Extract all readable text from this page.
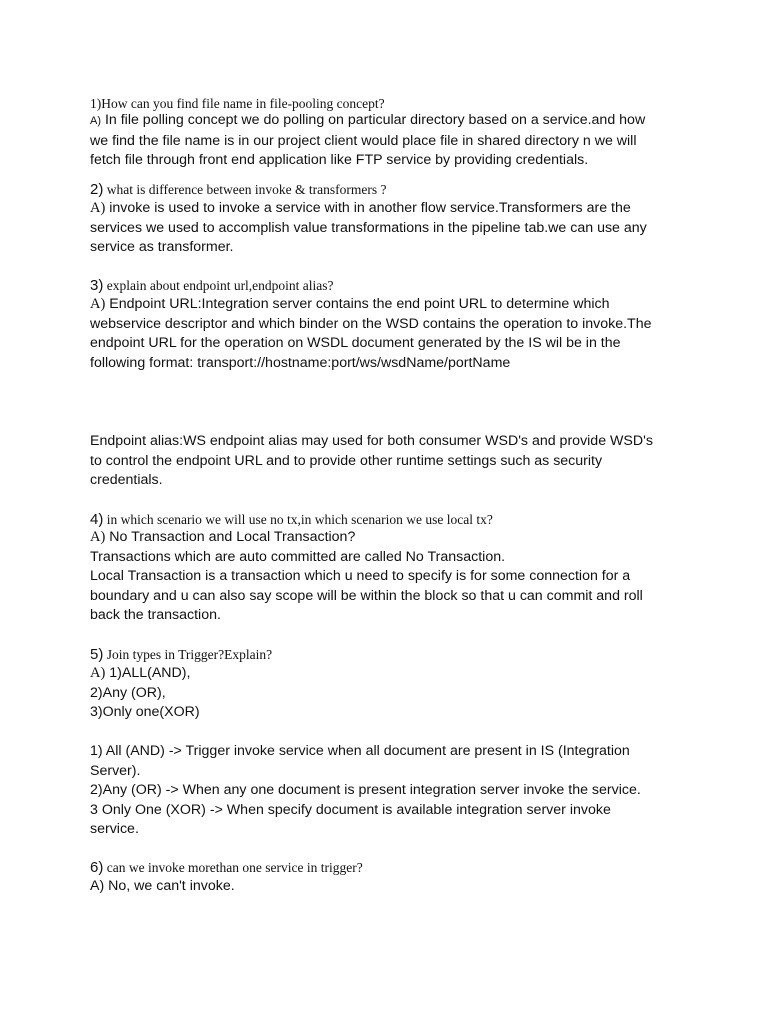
1)How can you find file name in file-pooling concept?
A) In file polling concept we do polling on particular directory based on a service.and how
we find the file name is in our project client would place file in shared directory n we will
fetch file through front end application like FTP service by providing credentials.
2) what is difference between invoke & transformers ?
A) invoke is used to invoke a service with in another flow service.Transformers are the
services we used to accomplish value transformations in the pipeline tab.we can use any
service as transformer.
3) explain about endpoint url,endpoint alias?
A) Endpoint URL:Integration server contains the end point URL to determine which
webservice descriptor and which binder on the WSD contains the operation to invoke.The
endpoint URL for the operation on WSDL document generated by the IS wil be in the
following format: transport://hostname:port/ws/wsdName/portName
Endpoint alias:WS endpoint alias may used for both consumer WSD's and provide WSD's
to control the endpoint URL and to provide other runtime settings such as security
credentials.
4) in which scenario we will use no tx,in which scenarion we use local tx?
A) No Transaction and Local Transaction?
Transactions which are auto committed are called No Transaction.
Local Transaction is a transaction which u need to specify is for some connection for a
boundary and u can also say scope will be within the block so that u can commit and roll
back the transaction.
5) Join types in Trigger?Explain?
A) 1)ALL(AND),
2)Any (OR),
3)Only one(XOR)
1) All (AND) -> Trigger invoke service when all document are present in IS (Integration
Server).
2)Any (OR) -> When any one document is present integration server invoke the service.
3 Only One (XOR) -> When specify document is available integration server invoke
service.
6) can we invoke morethan one service in trigger?
A) No, we can't invoke.
